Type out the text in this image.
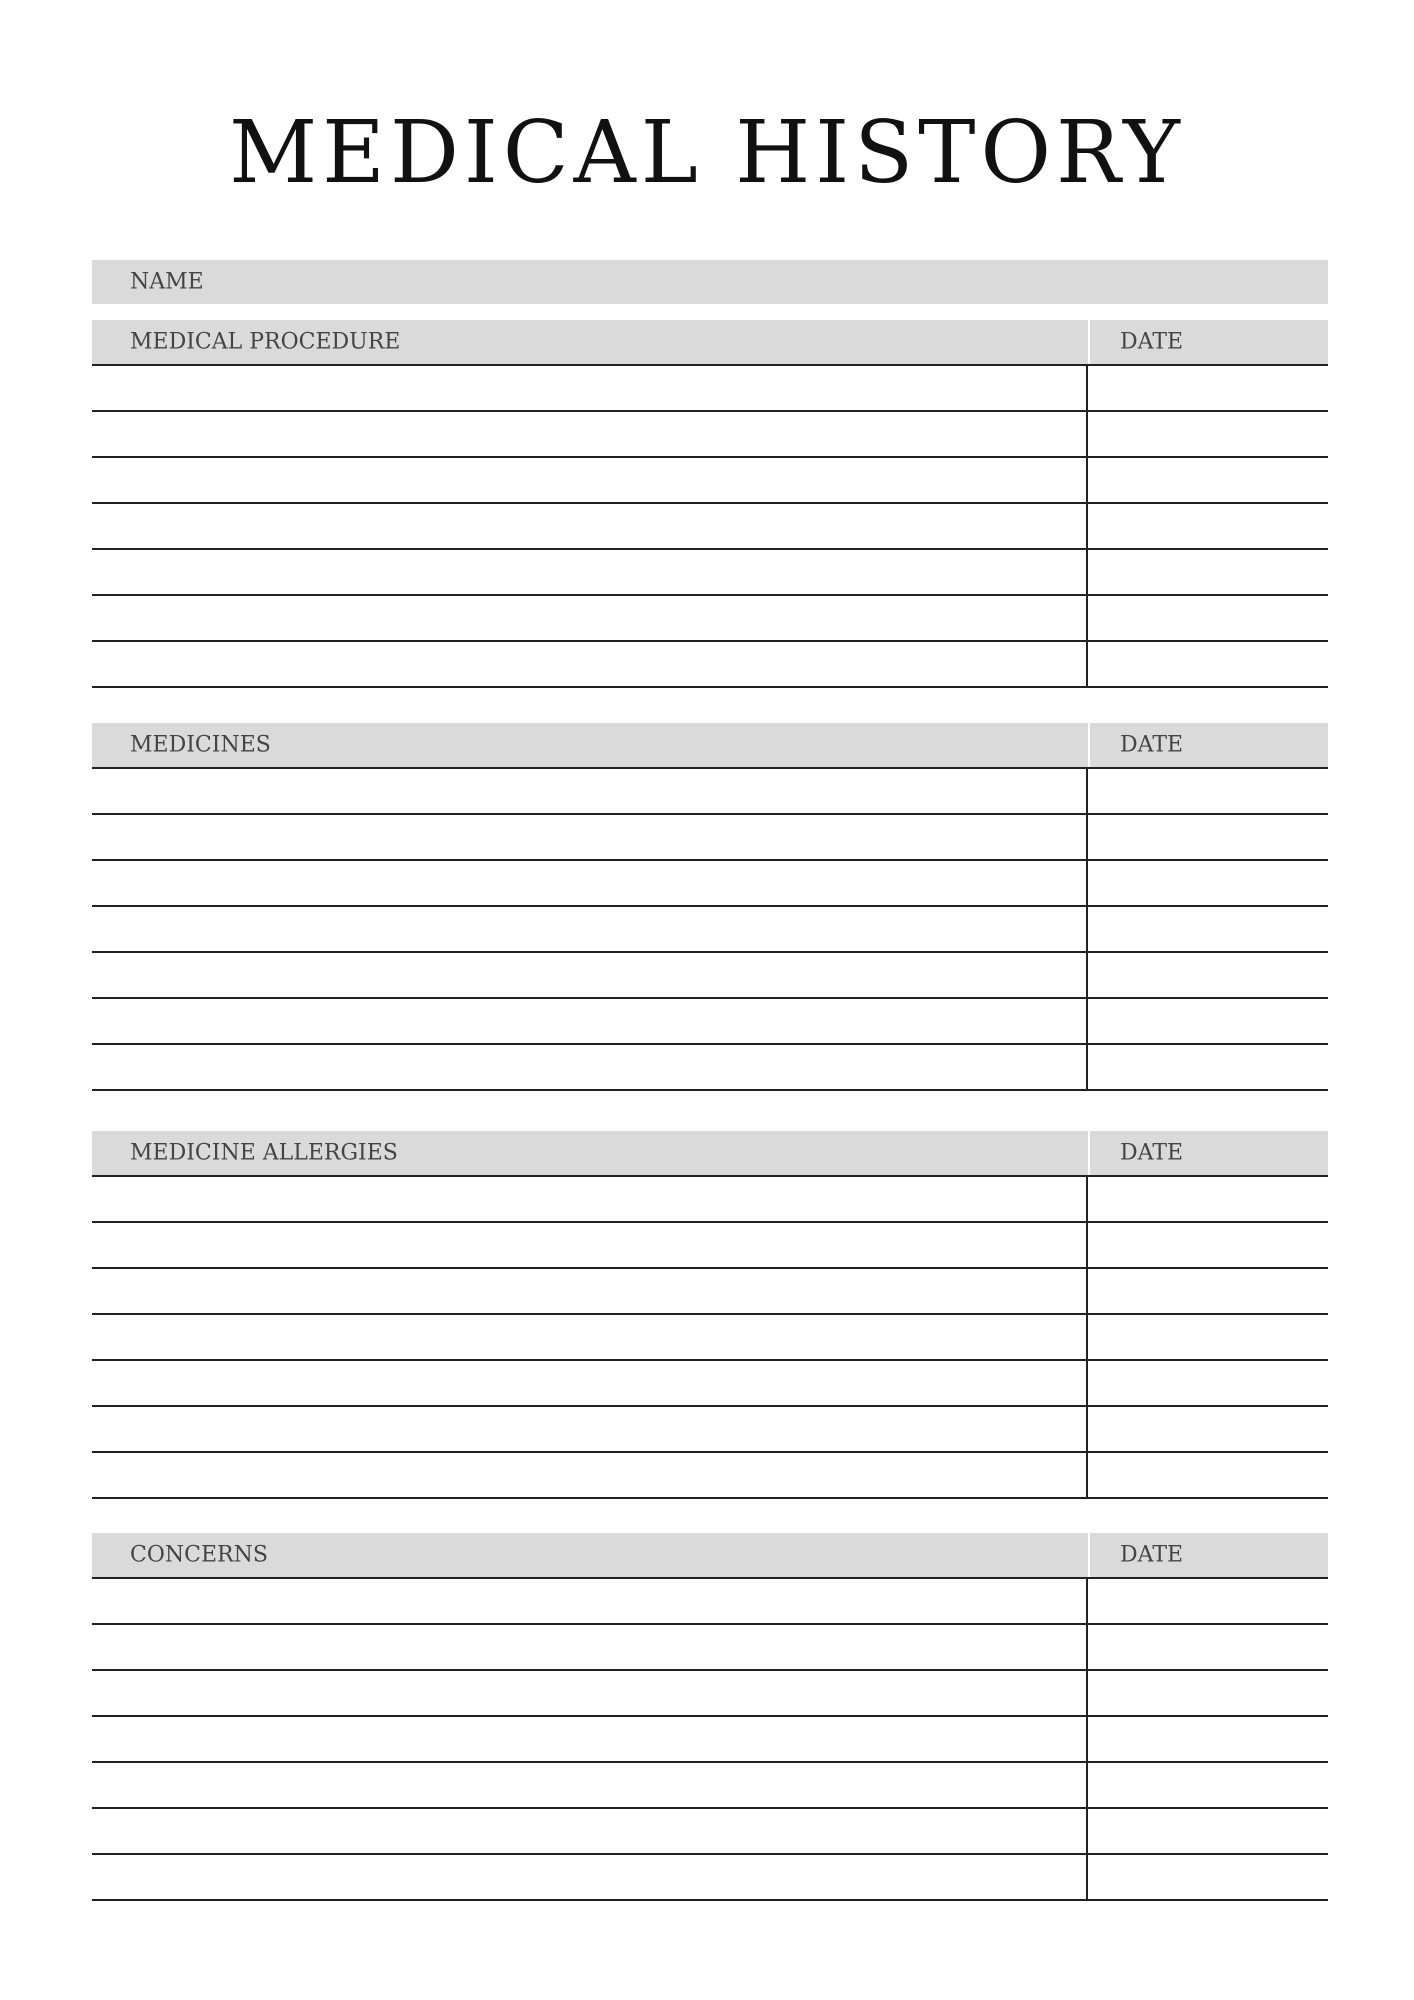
MEDICAL HISTORY
NAME
MEDICAL PROCEDURE	DATE
MEDICINES	DATE
MEDICINE ALLERGIES	DATE
CONCERNS	DATE
